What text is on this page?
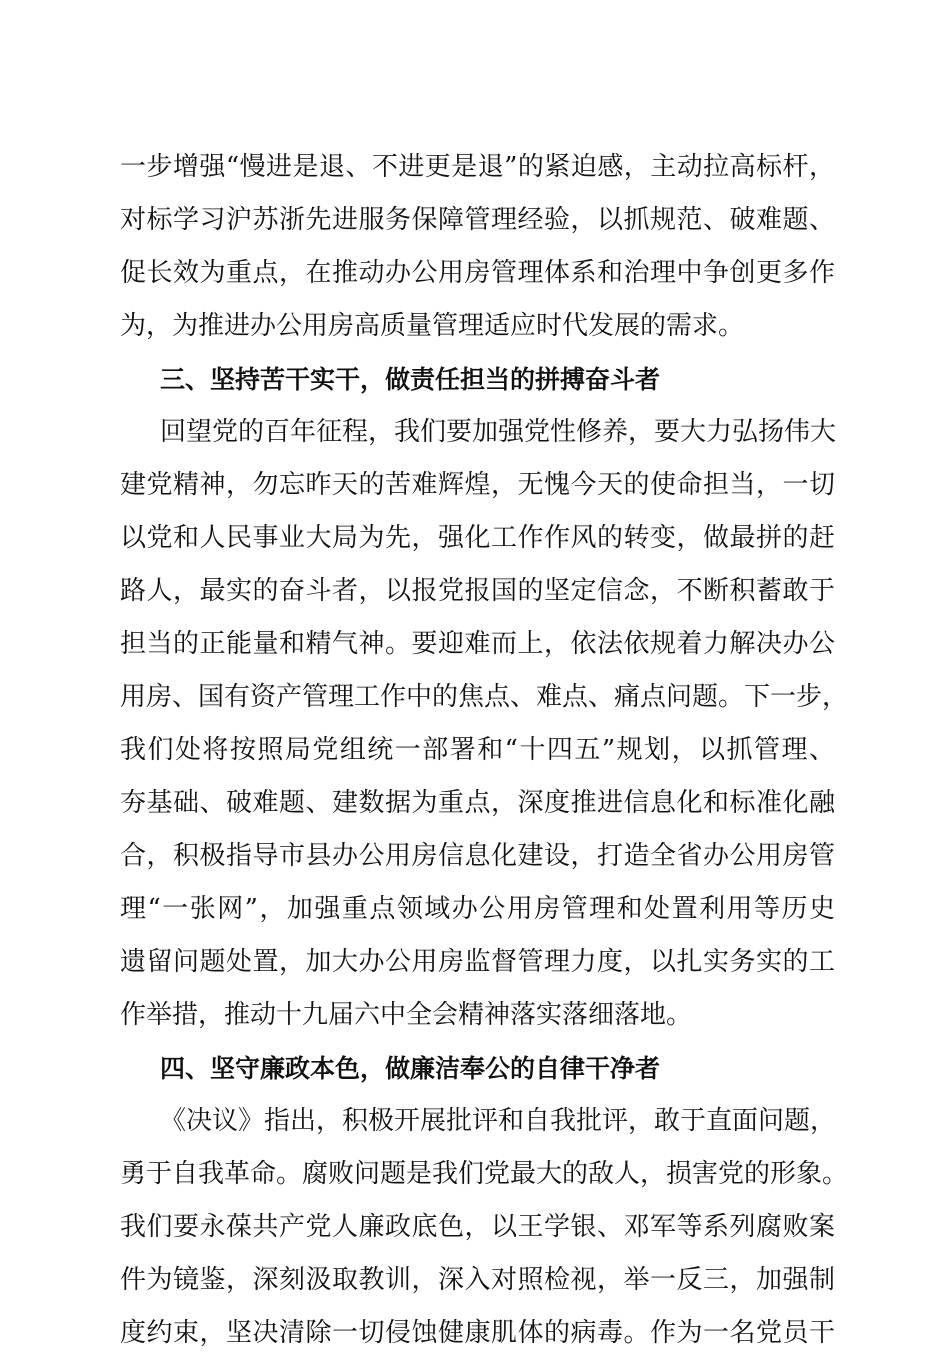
一步增强“慢进是退、不进更是退”的紧迫感，主动拉高标杆，
对标学习沪苏浙先进服务保障管理经验，以抓规范、破难题、
促长效为重点，在推动办公用房管理体系和治理中争创更多作
为，为推进办公用房高质量管理适应时代发展的需求。
三、坚持苦干实干，做责任担当的拼搏奋斗者
回望党的百年征程，我们要加强党性修养，要大力弘扬伟大
建党精神，勿忘昨天的苦难辉煌，无愧今天的使命担当，一切
以党和人民事业大局为先，强化工作作风的转变，做最拼的赶
路人，最实的奋斗者，以报党报国的坚定信念，不断积蓄敢于
担当的正能量和精气神。要迎难而上，依法依规着力解决办公
用房、国有资产管理工作中的焦点、难点、痛点问题。下一步，
我们处将按照局党组统一部署和“十四五”规划，以抓管理、
夯基础、破难题、建数据为重点，深度推进信息化和标准化融
合，积极指导市县办公用房信息化建设，打造全省办公用房管
理“一张网”，加强重点领域办公用房管理和处置利用等历史
遗留问题处置，加大办公用房监督管理力度，以扎实务实的工
作举措，推动十九届六中全会精神落实落细落地。
四、坚守廉政本色，做廉洁奉公的自律干净者
《决议》指出，积极开展批评和自我批评，敢于直面问题，
勇于自我革命。腐败问题是我们党最大的敌人，损害党的形象。
我们要永葆共产党人廉政底色，以王学银、邓军等系列腐败案
件为镜鉴，深刻汲取教训，深入对照检视，举一反三，加强制
度约束，坚决清除一切侵蚀健康肌体的病毒。作为一名党员干
